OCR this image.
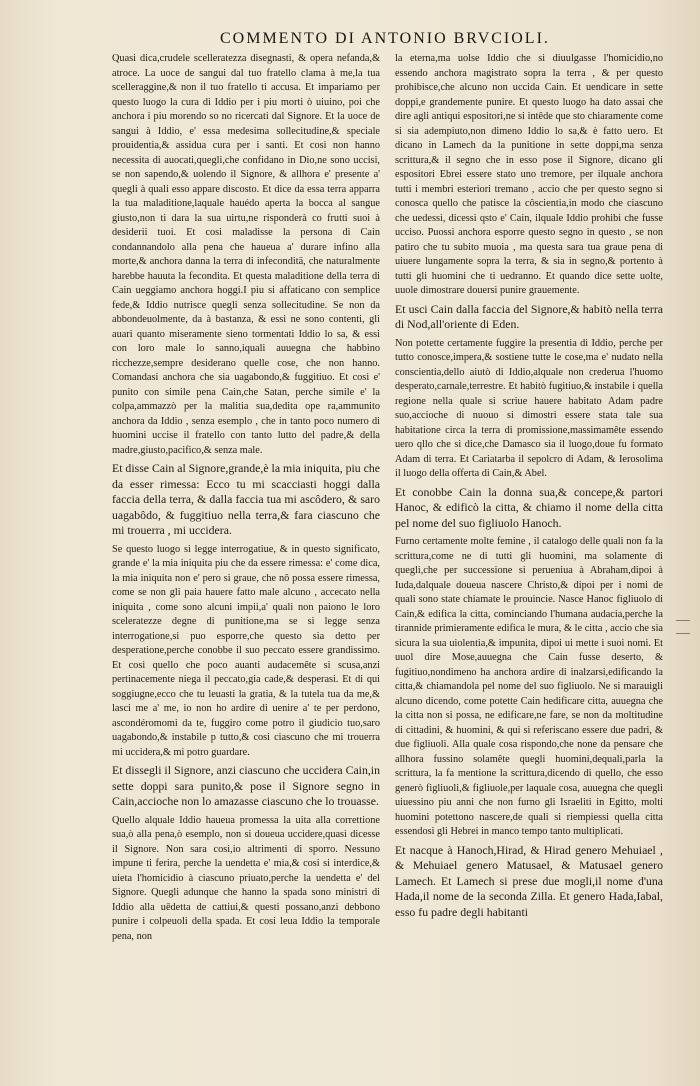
COMMENTO DI ANTONIO BRVCIOLI.

Quasi dica,crudele scelleratezza disegnasti, & opera nefanda,& atroce. La uoce de sangui dal tuo fratello clama à me,la tua scelleraggine,& non il tuo fratello ti accusa. Et impariamo per questo luogo la cura di Iddio per i piu morti ò uiuino, poi che anchora i piu morendo so no ricercati dal Signore. Et la uoce de sangui à Iddio, e' essa medesima sollecitudine,& speciale prouidentia,& assidua cura per i santi. Et cosi non hanno necessita di auocati,quegli,che confidano in Dio,ne sono uccisi, se non sapendo,& uolendo il Signore, & allhora e' presente a' quegli à quali esso appare discosto. Et dice da essa terra apparra la tua maladitione,laquale hauédo aperta la bocca al sangue giusto,non ti dara la sua uirtu,ne risponderà co frutti suoi à desiderii tuoi. Et cosi maladisse la persona di Cain condannandolo alla pena che haueua a' durare infino alla morte,& anchora danna la terra di infeconditä, che naturalmente harebbe hauuta la fecondita. Et questa maladitione della terra di Cain ueggiamo anchora hoggi.I piu si affaticano con semplice fede,& Iddio nutrisce quegli senza sollecitudine. Se non da abbondeuolmente, da à bastanza, & essi ne sono contenti, gli auari quanto miseramente sieno tormentati Iddio lo sa, & essi con loro male lo sanno,iquali auuegna che habbino ricchezze,sempre desiderano quelle cose, che non hanno. Comandasi anchora che sia uagabondo,& fuggitiuo. Et cosi e' punito con simile pena Cain,che Satan, perche simile e' la colpa,ammazzò per la malitia sua,dedita ope ra,ammunito anchora da Iddio , senza esemplo , che in tanto poco numero di huomini uccise il fratello con tanto lutto del padre,& della madre,giusto,pacifico,& senza male.

Et disse Cain al Signore,grande,è la mia iniquita, piu che da esser rimessa: Ecco tu mi scacciasti hoggi dalla faccia della terra, & dalla faccia tua mi ascôdero, & saro uagabôdo, & fuggitiuo nella terra,& fara ciascuno che mi trouerra , mi uccidera.

Se questo luogo si legge interrogatiue, & in questo significato, grande e' la mia iniquita piu che da essere rimessa: e' come dica, la mia iniquita non e' pero si graue, che nô possa essere rimessa, come se non gli paia hauere fatto male alcuno , accecato nella iniquita , come sono alcuni impii,a' quali non paiono le loro sceleratezze degne di punitione,ma se si legge senza interrogatione,si puo esporre,che questo sia detto per desperatione,perche conobbe il suo peccato essere grandissimo. Et cosi quello che poco auanti audacemête si scusa,anzi pertinacemente niega il peccato,gia cade,& desperasi. Et di qui soggiugne,ecco che tu leuasti la gratia, & la tutela tua da me,& lasci me a' me, io non ho ardire di uenire a' te per perdono, ascondéromomi da te, fuggiro come potro il giudicio tuo,saro uagabondo,& instabile p tutto,& cosi ciascuno che mi trouerra mi uccidera,& mi potro guardare.

Et dissegli il Signore, anzi ciascuno che uccidera Cain,in sette doppi sara punito,& pose il Signore segno in Cain,accioche non lo amazasse ciascuno che lo trouasse.

Quello alquale Iddio haueua promessa la uita alla correttione sua,ò alla pena,ò esemplo, non si doueua uccidere,quasi dicesse il Signore. Non sara cosi,io altrimenti di sporro. Nessuno impune ti ferira, perche la uendetta e' mia,& cosi si interdice,& uieta l'homicidio à ciascuno priuato,perche la uendetta e' del Signore. Quegli adunque che hanno la spada sono ministri di Iddio alla uēdetta de cattiui,& questi possano,anzi debbono punire i colpeuoli della spada. Et cosi leua Iddio la temporale pena, non

la eterna,ma uolse Iddio che si diuulgasse l'homicidio,no essendo anchora magistrato sopra la terra , & per questo prohibisce,che alcuno non uccida Cain. Et uendicare in sette doppi,e grandemente punire. Et questo luogo ha dato assai che dire agli antiqui espositori,ne si intêde que sto chiaramente come si sia adempiuto,non dimeno Iddio lo sa,& è fatto uero. Et dicano in Lamech da la punitione in sette doppi,ma senza scrittura,& il segno che in esso pose il Signore, dicano gli espositori Ebrei essere stato uno tremore, per ilquale anchora tutti i membri esteriori tremano , accio che per questo segno si conosca quello che patisce la côscientia,in modo che ciascuno che uedessi, dicessi qsto e' Cain, ilquale Iddio prohibi che fusse ucciso. Puossi anchora esporre questo segno in questo , se non patiro che tu subito muoia , ma questa sara tua graue pena di uiuere lungamente sopra la terra, & sia in segno,& portento à tutti gli huomini che ti uedranno. Et quando dice sette uolte, uuole dimostrare douersi punire grauemente.

Et usci Cain dalla faccia del Signore,& habitò nella terra di Nod,all'oriente di Eden.

Non potette certamente fuggire la presentia di Iddio, perche per tutto conosce,impera,& sostiene tutte le cose,ma e' nudato nella conscientia,dello aiutò di Iddio,alquale non crederua l'huomo desperato,carnale,terrestre. Et habitò fugitiuo,& instabile i quella regione nella quale si scriue hauere habitato Adam padre suo,accioche di nuouo si dimostri essere stata tale sua habitatione circa la terra di promissione,massimamête essendo uero qllo che si dice,che Damasco sia il luogo,doue fu formato Adam di terra. Et Cariatarba il sepolcro di Adam, & Ierosolima il luogo della offerta di Cain,& Abel.

Et conobbe Cain la donna sua,& concepe,& partori Hanoc, & edificò la citta, & chiamo il nome della citta pel nome del suo figliuolo Hanoch.

Furno certamente molte femine , il catalogo delle quali non fa la scrittura,come ne di tutti gli huomini, ma solamente di quegli,che per successione si perueniua à Abraham,dipoi à Iuda,dalquale doueua nascere Christo,& dipoi per i nomi de quali sono state chiamate le prouincie. Nasce Hanoc figliuolo di Cain,& edifica la citta, cominciando l'humana audacia,perche la tirannide primieramente edifica le mura, & le citta , accio che sia sicura la sua uiolentia,& impunita, dipoi ui mette i suoi nomi. Et uuol dire Mose,auuegna che Cain fusse deserto, & fugitiuo,nondimeno ha anchora ardire di inalzarsi,edificando la citta,& chiamandola pel nome del suo figliuolo. Ne si marauigli alcuno dicendo, come potette Cain hedificare citta, auuegna che la citta non si possa, ne edificare,ne fare, se non da moltitudine di cittadini, & huomini, & qui si referiscano essere due padri, & due figliuoli. Alla quale cosa rispondo,che none da pensare che allhora fussino solamête quegli huomini,dequali,parla la scrittura, la fa mentione la scrittura,dicendo di quello, che esso generò figliuoli,& figliuole,per laquale cosa, auuegna che quegli uiuessino piu anni che non furno gli Israeliti in Egitto, molti huomini potettono nascere,de quali si riempiessi quella citta essendosi gli Hebrei in manco tempo tanto multiplicati.

Et nacque à Hanoch,Hirad, & Hirad genero Mehuiael , & Mehuiael genero Matusael, & Matusael genero Lamech. Et Lamech si prese due mogli,il nome d'una Hada,il nome de la seconda Zilla. Et genero Hada,Iabal, esso fu padre degli habitanti
